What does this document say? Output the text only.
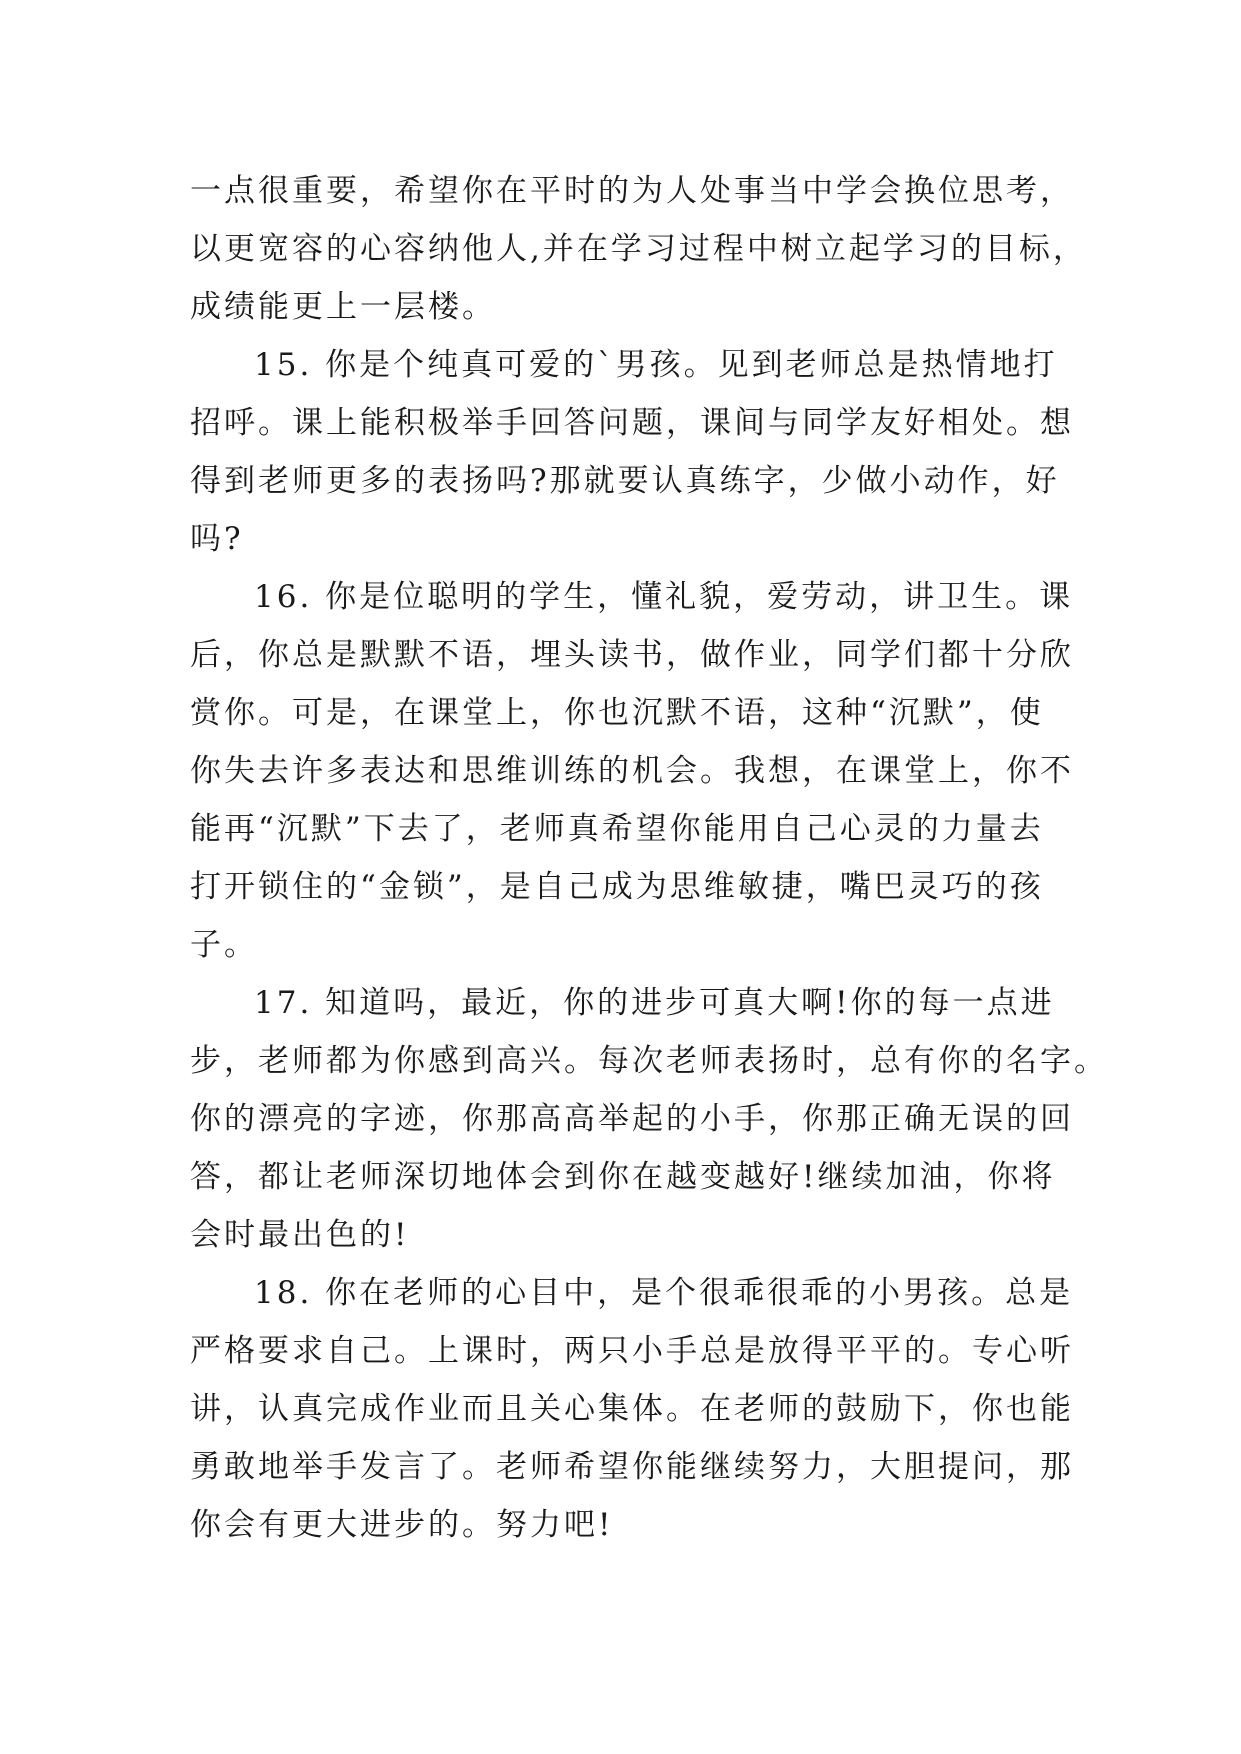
一点很重要，希望你在平时的为人处事当中学会换位思考，
以更宽容的心容纳他人,并在学习过程中树立起学习的目标，
成绩能更上一层楼。
15. 你是个纯真可爱的`男孩。见到老师总是热情地打
招呼。课上能积极举手回答问题，课间与同学友好相处。想
得到老师更多的表扬吗?那就要认真练字，少做小动作，好
吗?
16. 你是位聪明的学生，懂礼貌，爱劳动，讲卫生。课
后，你总是默默不语，埋头读书，做作业，同学们都十分欣
赏你。可是，在课堂上，你也沉默不语，这种“沉默”，使
你失去许多表达和思维训练的机会。我想，在课堂上，你不
能再“沉默”下去了，老师真希望你能用自己心灵的力量去
打开锁住的“金锁”，是自己成为思维敏捷，嘴巴灵巧的孩
子。
17. 知道吗，最近，你的进步可真大啊!你的每一点进
步，老师都为你感到高兴。每次老师表扬时，总有你的名字。
你的漂亮的字迹，你那高高举起的小手，你那正确无误的回
答，都让老师深切地体会到你在越变越好!继续加油，你将
会时最出色的!
18. 你在老师的心目中，是个很乖很乖的小男孩。总是
严格要求自己。上课时，两只小手总是放得平平的。专心听
讲，认真完成作业而且关心集体。在老师的鼓励下，你也能
勇敢地举手发言了。老师希望你能继续努力，大胆提问，那
你会有更大进步的。努力吧!
